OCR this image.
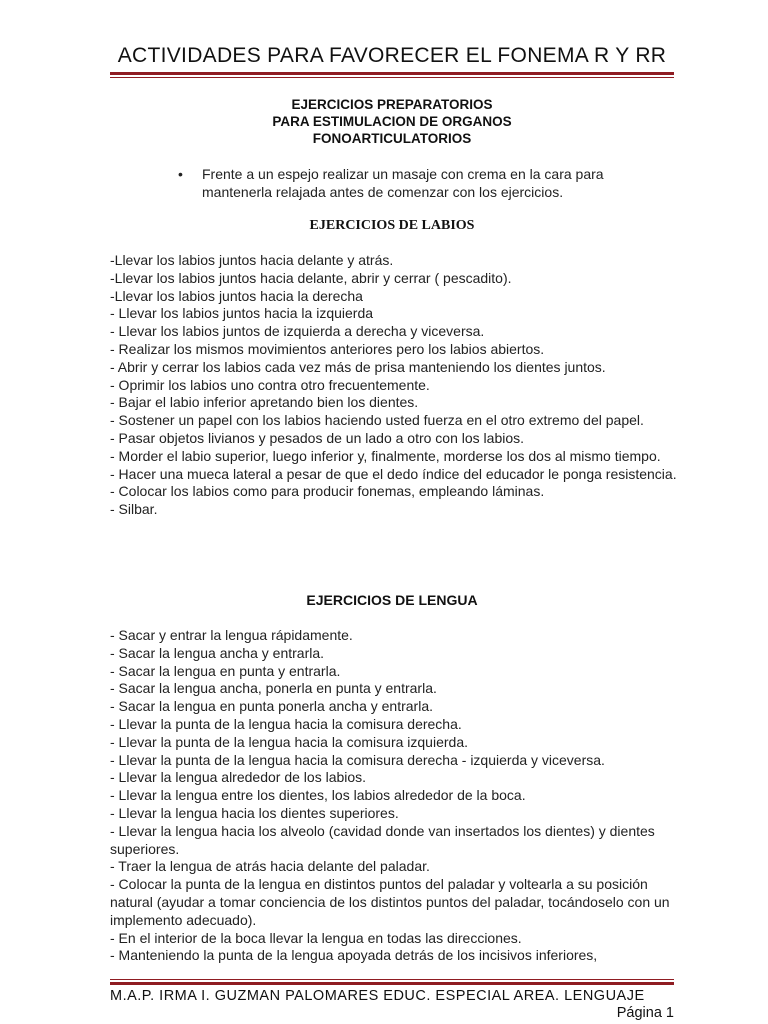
ACTIVIDADES PARA FAVORECER EL FONEMA R Y RR
EJERCICIOS PREPARATORIOS
PARA ESTIMULACION DE ORGANOS
FONOARTICULATORIOS
• Frente a un espejo realizar un masaje con crema en la cara para mantenerla relajada antes de comenzar con los ejercicios.
EJERCICIOS DE LABIOS
-Llevar los labios juntos hacia delante y atrás.
-Llevar los labios juntos hacia delante, abrir y cerrar ( pescadito).
-Llevar los labios juntos hacia la derecha
- Llevar los labios juntos hacia la izquierda
- Llevar los labios juntos de izquierda a derecha y viceversa.
- Realizar los mismos movimientos anteriores pero los labios abiertos.
- Abrir y cerrar los labios cada vez más de prisa manteniendo los dientes juntos.
- Oprimir los labios uno contra otro frecuentemente.
- Bajar el labio inferior apretando bien los dientes.
- Sostener un papel con los labios haciendo usted fuerza en el otro extremo del papel.
- Pasar objetos livianos y pesados de un lado a otro con los labios.
- Morder el labio superior, luego inferior y, finalmente, morderse los dos al mismo tiempo.
- Hacer una mueca lateral a pesar de que el dedo índice del educador le ponga resistencia.
- Colocar los labios como para producir fonemas, empleando láminas.
- Silbar.
EJERCICIOS DE LENGUA
- Sacar y entrar la lengua rápidamente.
- Sacar la lengua ancha y entrarla.
- Sacar la lengua en punta y entrarla.
- Sacar la lengua ancha, ponerla en punta y entrarla.
- Sacar la lengua en punta ponerla ancha y entrarla.
- Llevar la punta de la lengua hacia la comisura derecha.
- Llevar la punta de la lengua hacia la comisura izquierda.
- Llevar la punta de la lengua hacia la comisura derecha - izquierda y viceversa.
- Llevar la lengua alrededor de los labios.
- Llevar la lengua entre los dientes, los labios alrededor de la boca.
- Llevar la lengua hacia los dientes superiores.
- Llevar la lengua hacia los alveolo (cavidad donde van insertados los dientes) y dientes superiores.
- Traer la lengua de atrás hacia delante del paladar.
- Colocar la punta de la lengua en distintos puntos del paladar y voltearla a su posición natural (ayudar a tomar conciencia de los distintos puntos del paladar, tocándoselo con un implemento adecuado).
- En el interior de la boca llevar la lengua en todas las direcciones.
- Manteniendo la punta de la lengua apoyada detrás de los incisivos inferiores,
M.A.P. IRMA I. GUZMAN PALOMARES EDUC. ESPECIAL AREA. LENGUAJE
Página 1
